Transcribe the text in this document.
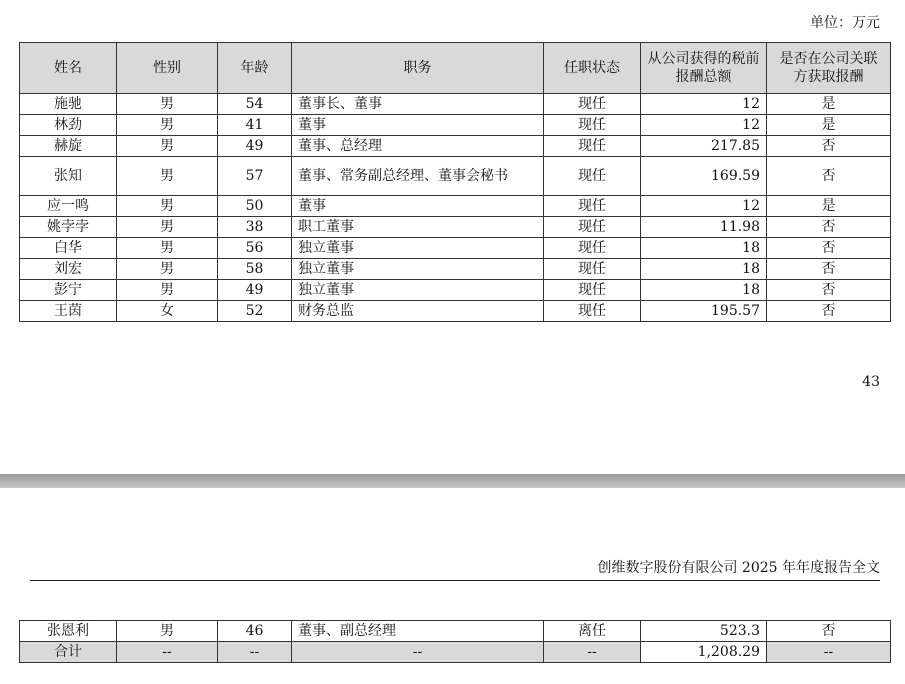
单位：万元
姓名	性别	年龄	职务	任职状态	从公司获得的税前报酬总额	是否在公司关联方获取报酬
施驰	男	54	董事长、董事	现任	12	是
林劲	男	41	董事	现任	12	是
赫旋	男	49	董事、总经理	现任	217.85	否
张知	男	57	董事、常务副总经理、董事会秘书	现任	169.59	否
应一鸣	男	50	董事	现任	12	是
姚孛孛	男	38	职工董事	现任	11.98	否
白华	男	56	独立董事	现任	18	否
刘宏	男	58	独立董事	现任	18	否
彭宁	男	49	独立董事	现任	18	否
王茵	女	52	财务总监	现任	195.57	否
43
创维数字股份有限公司 2025 年年度报告全文
张恩利	男	46	董事、副总经理	离任	523.3	否
合计	--	--	--	--	1,208.29	--
